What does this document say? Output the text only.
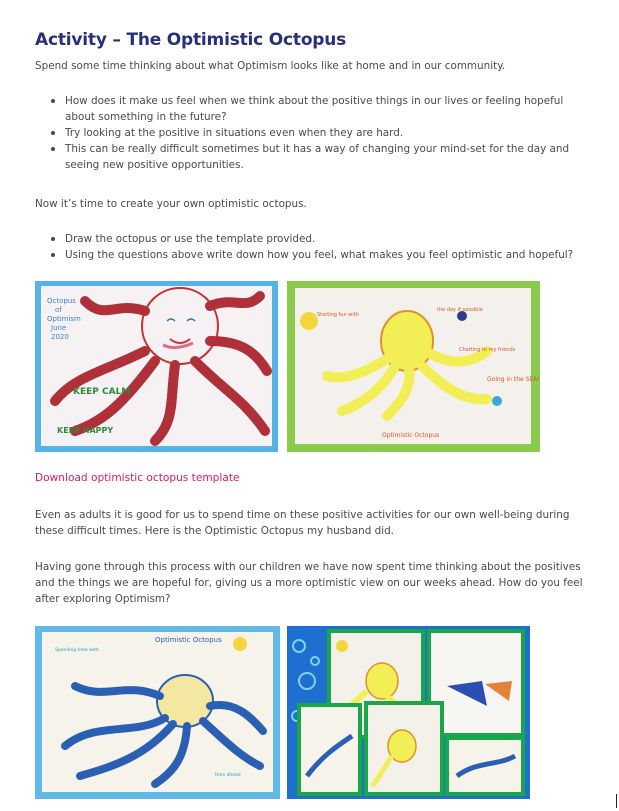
Activity – The Optimistic Octopus

Spend some time thinking about what Optimism looks like at home and in our community.

How does it make us feel when we think about the positive things in our lives or feeling hopeful about something in the future?
Try looking at the positive in situations even when they are hard.
This can be really difficult sometimes but it has a way of changing your mind-set for the day and seeing new positive opportunities.

Now it’s time to create your own optimistic octopus.

Draw the octopus or use the template provided.
Using the questions above write down how you feel, what makes you feel optimistic and hopeful?
Octopus
of
Optimism
June
2020
KEEP CALM
KEEP HAPPY
Starting fun with
the day if possible
Chatting to my friends
Going in the SEA!
Optimistic Octopus
Download optimistic octopus template

Even as adults it is good for us to spend time on these positive activities for our own well-being during these difficult times. Here is the Optimistic Octopus my husband did.

Having gone through this process with our children we have now spent time thinking about the positives and the things we are hopeful for, giving us a more optimistic view on our weeks ahead. How do you feel after exploring Optimism?

Optimistic Octopus
Spending time with
time ahead
